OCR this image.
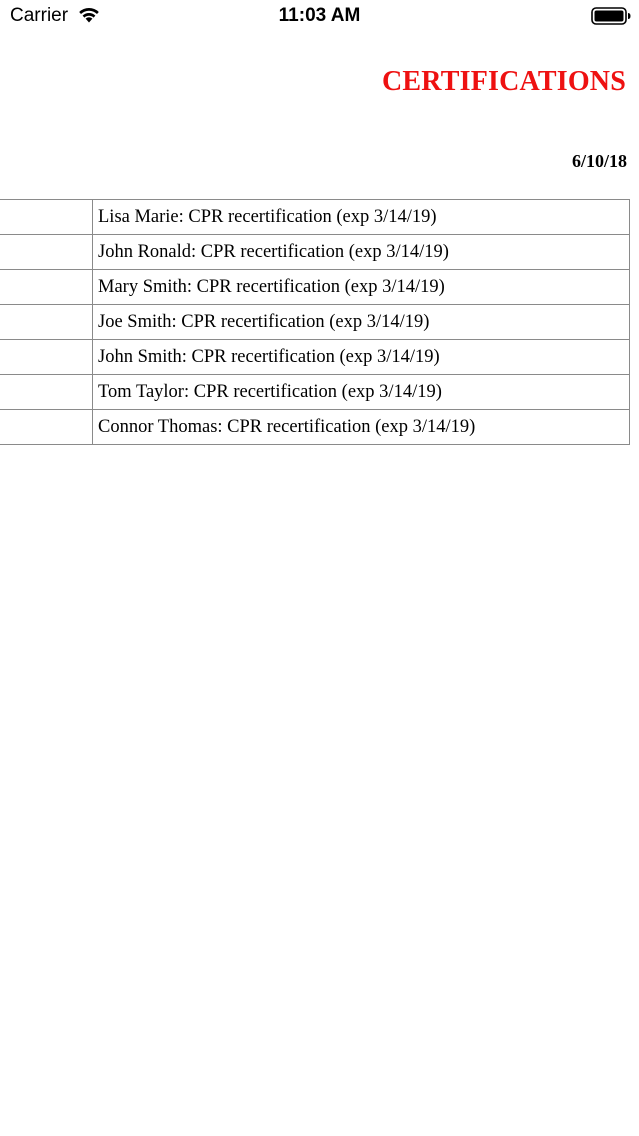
Carrier	11:03 AM
CERTIFICATIONS
6/10/18
	Lisa Marie: CPR recertification (exp 3/14/19)
	John Ronald: CPR recertification (exp 3/14/19)
	Mary Smith: CPR recertification (exp 3/14/19)
	Joe Smith: CPR recertification (exp 3/14/19)
	John Smith: CPR recertification (exp 3/14/19)
	Tom Taylor: CPR recertification (exp 3/14/19)
	Connor Thomas: CPR recertification (exp 3/14/19)
